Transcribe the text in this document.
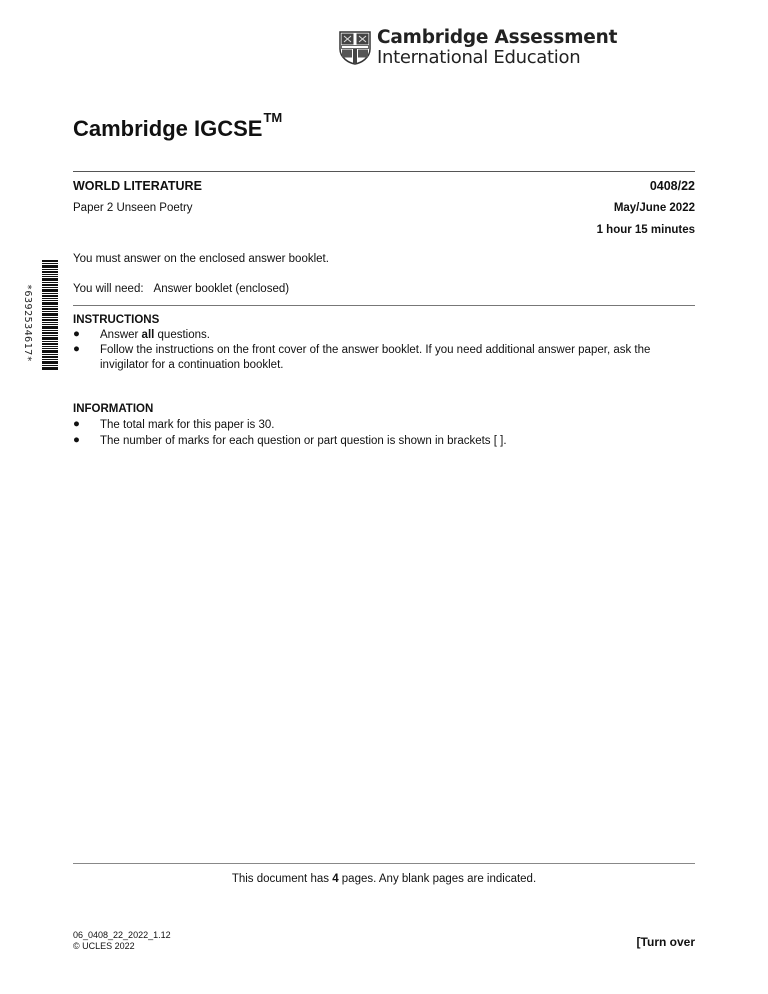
Cambridge Assessment
International Education
Cambridge IGCSE™
WORLD LITERATURE
Paper 2 Unseen Poetry
0408/22
May/June 2022
1 hour 15 minutes
*6392534617*
You must answer on the enclosed answer booklet.
You will need: Answer booklet (enclosed)
INSTRUCTIONS
●	Answer all questions.
●	Follow the instructions on the front cover of the answer booklet. If you need additional answer paper, ask the invigilator for a continuation booklet.
INFORMATION
●	The total mark for this paper is 30.
●	The number of marks for each question or part question is shown in brackets [ ].
This document has 4 pages. Any blank pages are indicated.
06_0408_22_2022_1.12
© UCLES 2022	[Turn over
